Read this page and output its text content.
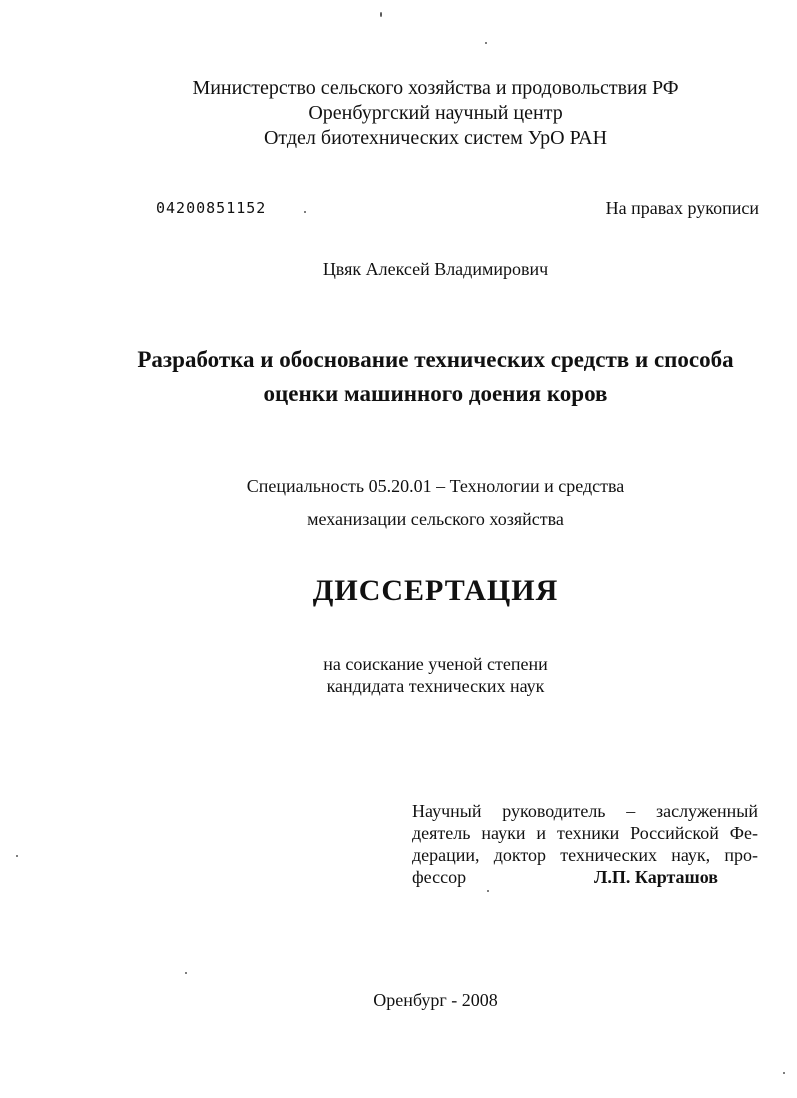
Министерство сельского хозяйства и продовольствия РФ
Оренбургский научный центр
Отдел биотехнических систем УрО РАН
04200851152	На правах рукописи
Цвяк Алексей Владимирович
Разработка и обоснование технических средств и способа
оценки машинного доения коров
Специальность 05.20.01 – Технологии и средства
механизации сельского хозяйства
ДИССЕРТАЦИЯ
на соискание ученой степени
кандидата технических наук
Научный руководитель – заслуженный
деятель науки и техники Российской Фе-
дерации, доктор технических наук, про-
фессор	Л.П. Карташов
Оренбург - 2008
